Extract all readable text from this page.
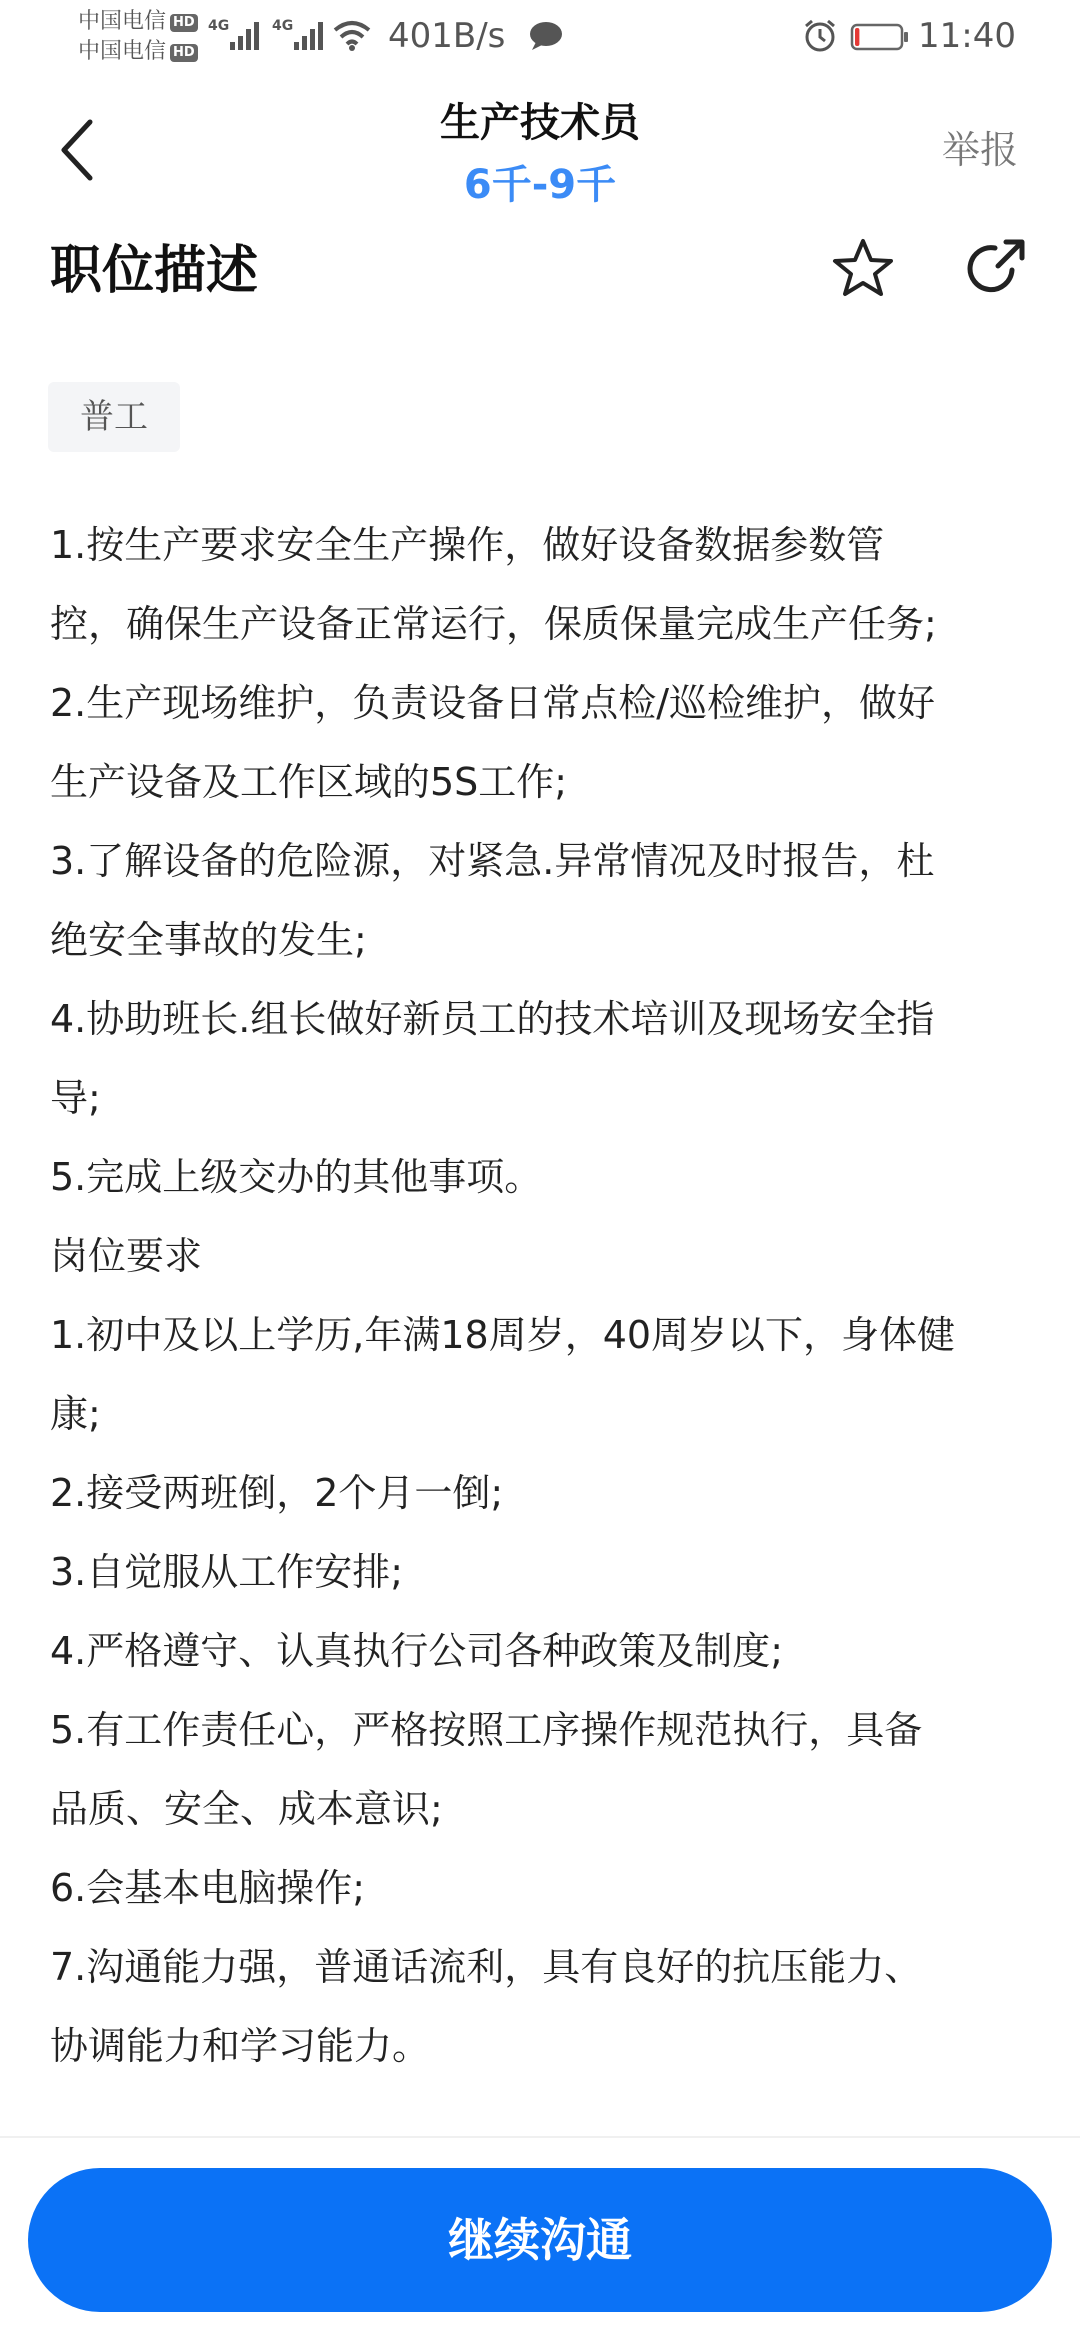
中国电信 HD
中国电信 HD
4G	4G	401B/s	11:40
生产技术员
6千-9千
举报
职位描述
普工

1.按生产要求安全生产操作，做好设备数据参数管

控，确保生产设备正常运行，保质保量完成生产任务;

2.生产现场维护，负责设备日常点检/巡检维护，做好

生产设备及工作区域的5S工作;

3.了解设备的危险源，对紧急.异常情况及时报告，杜

绝安全事故的发生;

4.协助班长.组长做好新员工的技术培训及现场安全指

导;

5.完成上级交办的其他事项。

岗位要求

1.初中及以上学历,年满18周岁，40周岁以下，身体健

康;

2.接受两班倒，2个月一倒;

3.自觉服从工作安排;

4.严格遵守、认真执行公司各种政策及制度;

5.有工作责任心，严格按照工序操作规范执行，具备

品质、安全、成本意识;

6.会基本电脑操作;

7.沟通能力强，普通话流利，具有良好的抗压能力、

协调能力和学习能力。

继续沟通
